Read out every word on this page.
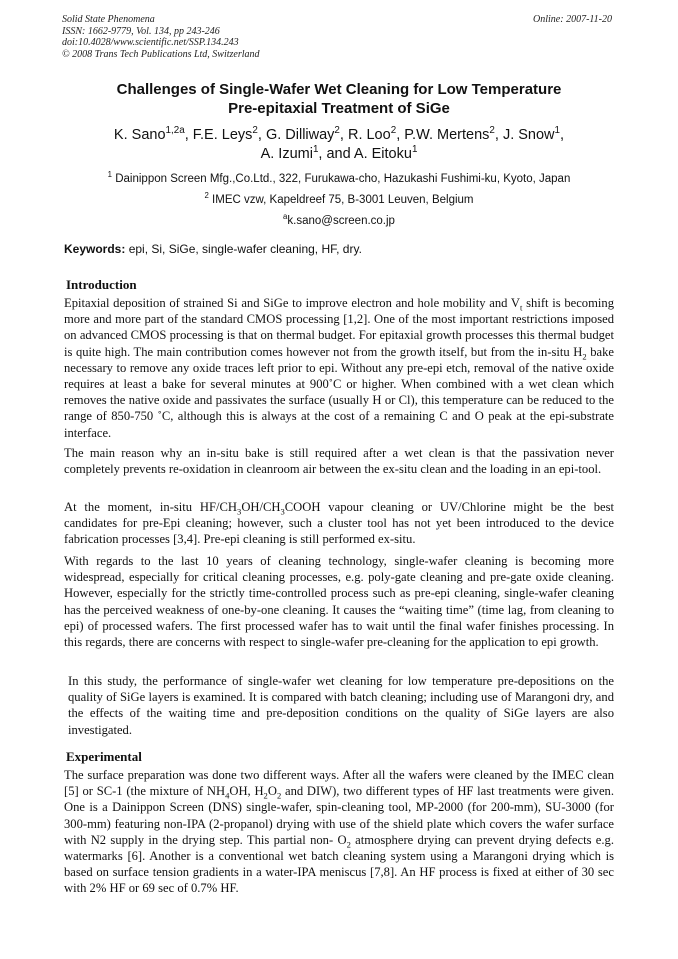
Solid State Phenomena
ISSN: 1662-9779, Vol. 134, pp 243-246
doi:10.4028/www.scientific.net/SSP.134.243
© 2008 Trans Tech Publications Ltd, Switzerland
Online: 2007-11-20
Challenges of Single-Wafer Wet Cleaning for Low Temperature
Pre-epitaxial Treatment of SiGe
K. Sano$^{1,2a}$, F.E. Leys$^2$, G. Dilliway$^2$, R. Loo$^2$, P.W. Mertens$^2$, J. Snow$^1$,
A. Izumi$^1$, and A. Eitoku$^1$
$^1$ Dainippon Screen Mfg.,Co.Ltd., 322, Furukawa-cho, Hazukashi Fushimi-ku, Kyoto, Japan
$^2$ IMEC vzw, Kapeldreef 75, B-3001 Leuven, Belgium
$^a$k.sano@screen.co.jp
Keywords: epi, Si, SiGe, single-wafer cleaning, HF, dry.
Introduction
Epitaxial deposition of strained Si and SiGe to improve electron and hole mobility and $V_t$ shift is becoming more and more part of the standard CMOS processing [1,2]. One of the most important restrictions imposed on advanced CMOS processing is that on thermal budget. For epitaxial growth processes this thermal budget is quite high. The main contribution comes however not from the growth itself, but from the in-situ $H_2$ bake necessary to remove any oxide traces left prior to epi. Without any pre-epi etch, removal of the native oxide requires at least a bake for several minutes at 900˚C or higher. When combined with a wet clean which removes the native oxide and passivates the surface (usually H or Cl), this temperature can be reduced to the range of 850-750 ˚C, although this is always at the cost of a remaining C and O peak at the epi-substrate interface.
The main reason why an in-situ bake is still required after a wet clean is that the passivation never completely prevents re-oxidation in cleanroom air between the ex-situ clean and the loading in an epi-tool.
At the moment, in-situ $HF/CH_3OH/CH_3COOH$ vapour cleaning or UV/Chlorine might be the best candidates for pre-Epi cleaning; however, such a cluster tool has not yet been introduced to the device fabrication processes [3,4]. Pre-epi cleaning is still performed ex-situ.
With regards to the last 10 years of cleaning technology, single-wafer cleaning is becoming more widespread, especially for critical cleaning processes, e.g. poly-gate cleaning and pre-gate oxide cleaning. However, especially for the strictly time-controlled process such as pre-epi cleaning, single-wafer cleaning has the perceived weakness of one-by-one cleaning. It causes the “waiting time” (time lag, from cleaning to epi) of processed wafers. The first processed wafer has to wait until the final wafer finishes processing. In this regards, there are concerns with respect to single-wafer pre-cleaning for the application to epi growth.
In this study, the performance of single-wafer wet cleaning for low temperature pre-depositions on the quality of SiGe layers is examined. It is compared with batch cleaning; including use of Marangoni dry, and the effects of the waiting time and pre-deposition conditions on the quality of SiGe layers are also investigated.
Experimental
The surface preparation was done two different ways. After all the wafers were cleaned by the IMEC clean [5] or SC-1 (the mixture of $NH_4OH$, $H_2O_2$ and DIW), two different types of HF last treatments were given. One is a Dainippon Screen (DNS) single-wafer, spin-cleaning tool, MP-2000 (for 200-mm), SU-3000 (for 300-mm) featuring non-IPA (2-propanol) drying with use of the shield plate which covers the wafer surface with N2 supply in the drying step. This partial non- $O_2$ atmosphere drying can prevent drying defects e.g. watermarks [6]. Another is a conventional wet batch cleaning system using a Marangoni drying which is based on surface tension gradients in a water-IPA meniscus [7,8]. An HF process is fixed at either of 30 sec with 2% HF or 69 sec of 0.7% HF.
